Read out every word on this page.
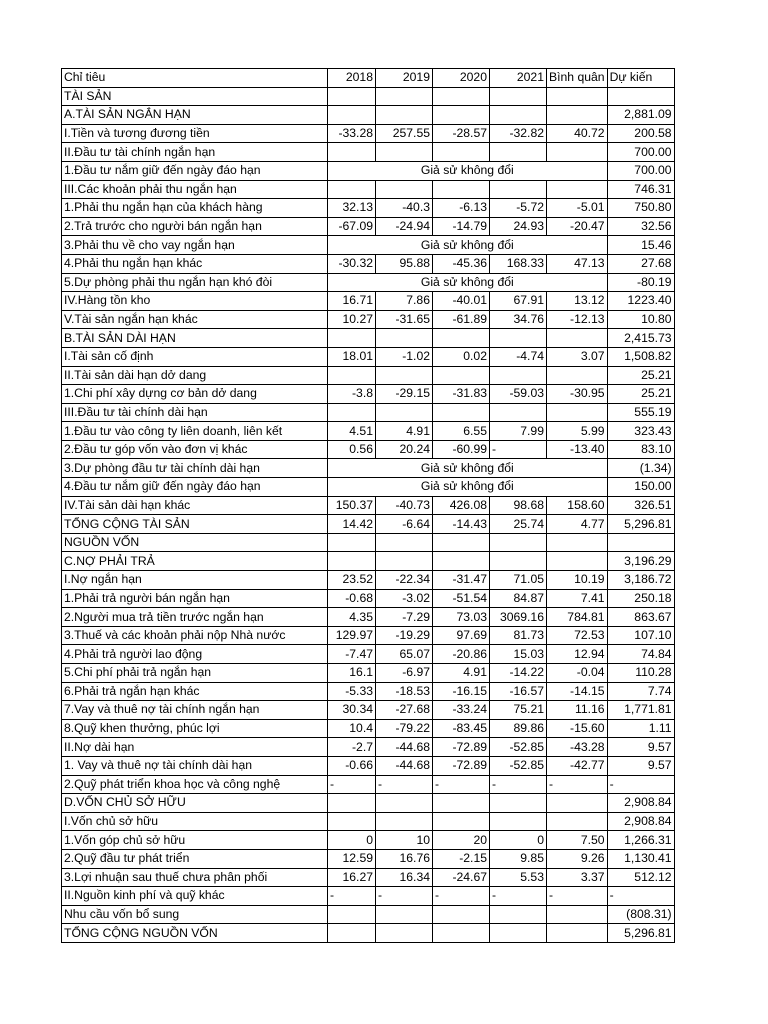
Chỉ tiêu	2018	2019	2020	2021	Bình quân	Dự kiến
TÀI SẢN						
A.TÀI SẢN NGẮN HẠN						2,881.09
I.Tiền và tương đương tiền	-33.28	257.55	-28.57	-32.82	40.72	200.58
II.Đầu tư tài chính ngắn hạn						700.00
1.Đầu tư nắm giữ đến ngày đáo hạn	Giả sử không đổi					700.00
III.Các khoản phải thu ngắn hạn						746.31
1.Phải thu ngắn hạn của khách hàng	32.13	-40.3	-6.13	-5.72	-5.01	750.80
2.Trả trước cho người bán ngắn hạn	-67.09	-24.94	-14.79	24.93	-20.47	32.56
3.Phải thu về cho vay ngắn hạn	Giả sử không đổi					15.46
4.Phải thu ngắn hạn khác	-30.32	95.88	-45.36	168.33	47.13	27.68
5.Dự phòng phải thu ngắn hạn khó đòi	Giả sử không đổi					-80.19
IV.Hàng tồn kho	16.71	7.86	-40.01	67.91	13.12	1223.40
V.Tài sản ngắn hạn khác	10.27	-31.65	-61.89	34.76	-12.13	10.80
B.TÀI SẢN DÀI HẠN						2,415.73
I.Tài sản cố định	18.01	-1.02	0.02	-4.74	3.07	1,508.82
II.Tài sản dài hạn dở dang						25.21
1.Chi phí xây dựng cơ bản dở dang	-3.8	-29.15	-31.83	-59.03	-30.95	25.21
III.Đầu tư tài chính dài hạn						555.19
1.Đầu tư vào công ty liên doanh, liên kết	4.51	4.91	6.55	7.99	5.99	323.43
2.Đầu tư góp vốn vào đơn vị khác	0.56	20.24	-60.99	-	-13.40	83.10
3.Dự phòng đầu tư tài chính dài hạn	Giả sử không đổi					(1.34)
4.Đầu tư nắm giữ đến ngày đáo hạn	Giả sử không đổi					150.00
IV.Tài sản dài hạn khác	150.37	-40.73	426.08	98.68	158.60	326.51
TỔNG CỘNG TÀI SẢN	14.42	-6.64	-14.43	25.74	4.77	5,296.81
NGUỒN VỐN						
C.NỢ PHẢI TRẢ						3,196.29
I.Nợ ngắn hạn	23.52	-22.34	-31.47	71.05	10.19	3,186.72
1.Phải trả người bán ngắn hạn	-0.68	-3.02	-51.54	84.87	7.41	250.18
2.Người mua trả tiền trước ngắn hạn	4.35	-7.29	73.03	3069.16	784.81	863.67
3.Thuế và các khoản phải nộp Nhà nước	129.97	-19.29	97.69	81.73	72.53	107.10
4.Phải trả người lao động	-7.47	65.07	-20.86	15.03	12.94	74.84
5.Chi phí phải trả ngắn hạn	16.1	-6.97	4.91	-14.22	-0.04	110.28
6.Phải trả ngắn hạn khác	-5.33	-18.53	-16.15	-16.57	-14.15	7.74
7.Vay và thuê nợ tài chính ngắn hạn	30.34	-27.68	-33.24	75.21	11.16	1,771.81
8.Quỹ khen thưởng, phúc lợi	10.4	-79.22	-83.45	89.86	-15.60	1.11
II.Nợ dài hạn	-2.7	-44.68	-72.89	-52.85	-43.28	9.57
1. Vay và thuê nợ tài chính dài hạn	-0.66	-44.68	-72.89	-52.85	-42.77	9.57
2.Quỹ phát triển khoa học và công nghệ	-	-	-	-	-	-
D.VỐN CHỦ SỞ HỮU						2,908.84
I.Vốn chủ sở hữu						2,908.84
1.Vốn góp chủ sở hữu	0	10	20	0	7.50	1,266.31
2.Quỹ đầu tư phát triển	12.59	16.76	-2.15	9.85	9.26	1,130.41
3.Lợi nhuận sau thuế chưa phân phối	16.27	16.34	-24.67	5.53	3.37	512.12
II.Nguồn kinh phí và quỹ khác	-	-	-	-	-	-
Nhu cầu vốn bổ sung						(808.31)
TỔNG CỘNG NGUỒN VỐN						5,296.81
